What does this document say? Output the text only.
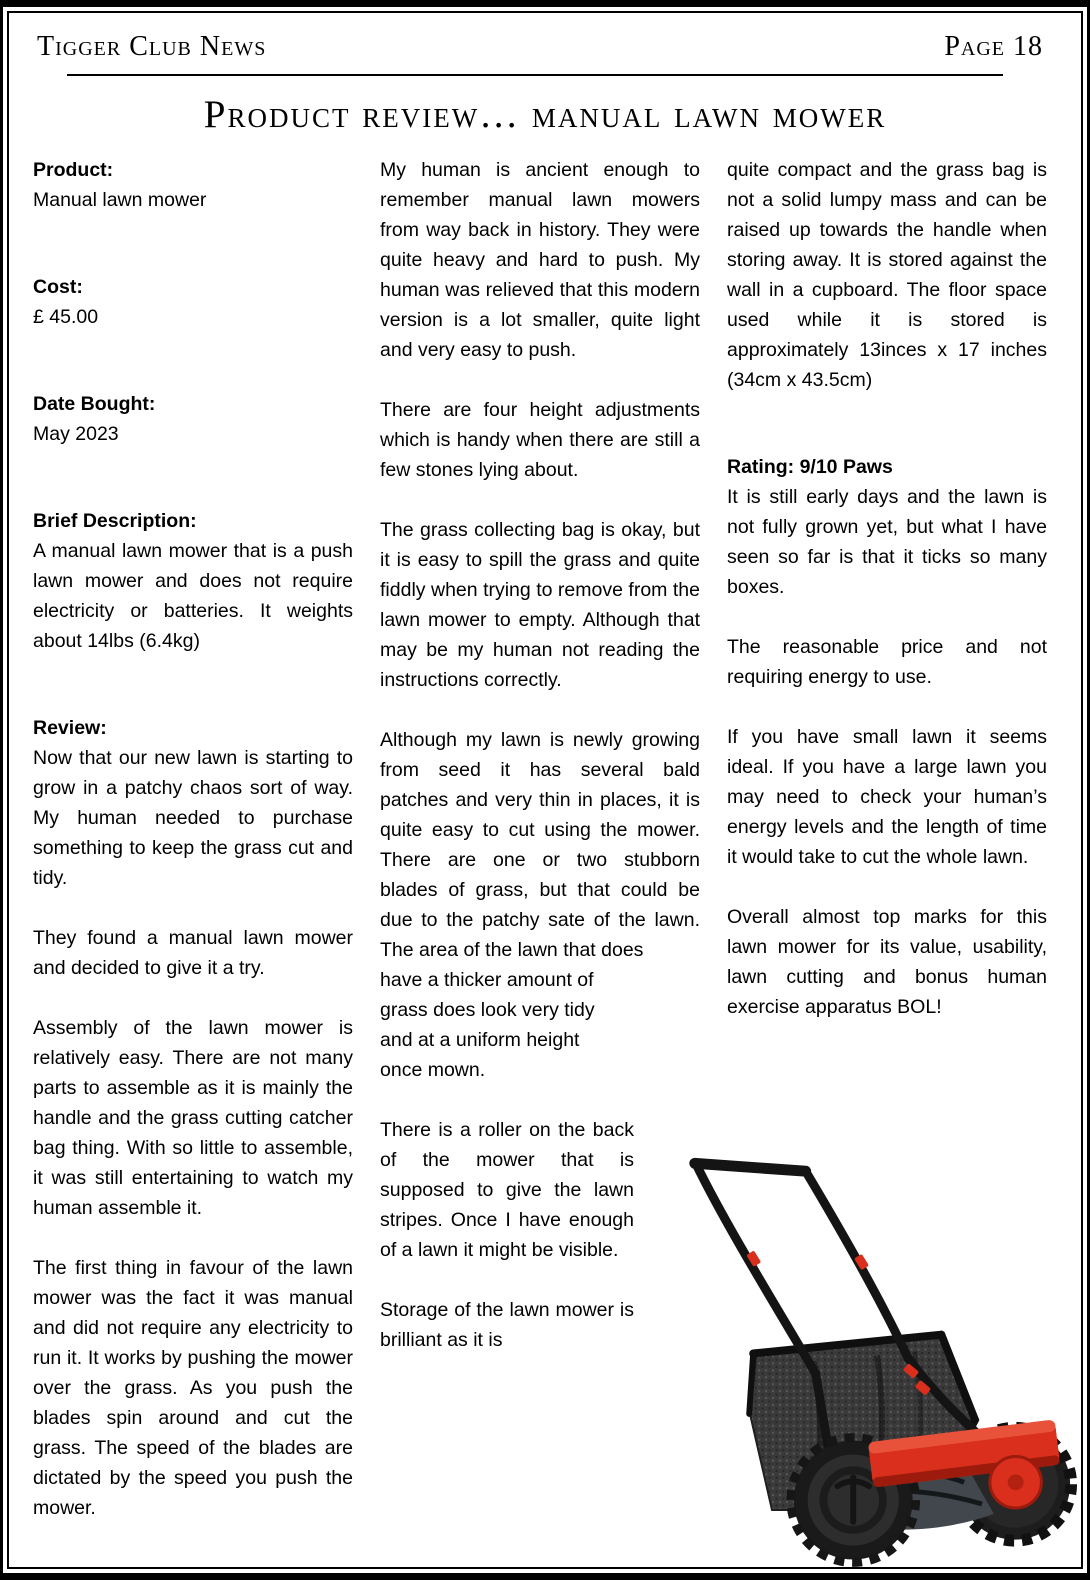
Tigger Club News	Page 18
Product review… manual lawn mower
Product:
Manual lawn mower
Cost:
£ 45.00
Date Bought:
May 2023
Brief Description:
A manual lawn mower that is a push lawn mower and does not require electricity or batteries. It weights about 14lbs (6.4kg)
Review:
Now that our new lawn is starting to grow in a patchy chaos sort of way. My human needed to purchase something to keep the grass cut and tidy.
They found a manual lawn mower and decided to give it a try.
Assembly of the lawn mower is relatively easy. There are not many parts to assemble as it is mainly the handle and the grass cutting catcher bag thing. With so little to assemble, it was still entertaining to watch my human assemble it.
The first thing in favour of the lawn mower was the fact it was manual and did not require any electricity to run it. It works by pushing the mower over the grass. As you push the blades spin around and cut the grass. The speed of the blades are dictated by the speed you push the mower.
My human is ancient enough to remember manual lawn mowers from way back in history. They were quite heavy and hard to push. My human was relieved that this modern version is a lot smaller, quite light and very easy to push.
There are four height adjustments which is handy when there are still a few stones lying about.
The grass collecting bag is okay, but it is easy to spill the grass and quite fiddly when trying to remove from the lawn mower to empty. Although that may be my human not reading the instructions correctly.
Although my lawn is newly growing from seed it has several bald patches and very thin in places, it is quite easy to cut using the mower. There are one or two stubborn blades of grass, but that could be due to the patchy sate of the lawn. The area of the lawn that does
have a thicker amount of grass does look very tidy and at a uniform height once mown.
There is a roller on the back of the mower that is supposed to give the lawn stripes. Once I have enough of a lawn it might be visible.
Storage of the lawn mower is brilliant as it is
quite compact and the grass bag is not a solid lumpy mass and can be raised up towards the handle when storing away. It is stored against the wall in a cupboard. The floor space used while it is stored is approximately 13inces x 17 inches (34cm x 43.5cm)
Rating: 9/10 Paws
It is still early days and the lawn is not fully grown yet, but what I have seen so far is that it ticks so many boxes.
The reasonable price and not requiring energy to use.
If you have small lawn it seems ideal. If you have a large lawn you may need to check your human’s energy levels and the length of time it would take to cut the whole lawn.
Overall almost top marks for this lawn mower for its value, usability, lawn cutting and bonus human exercise apparatus BOL!
